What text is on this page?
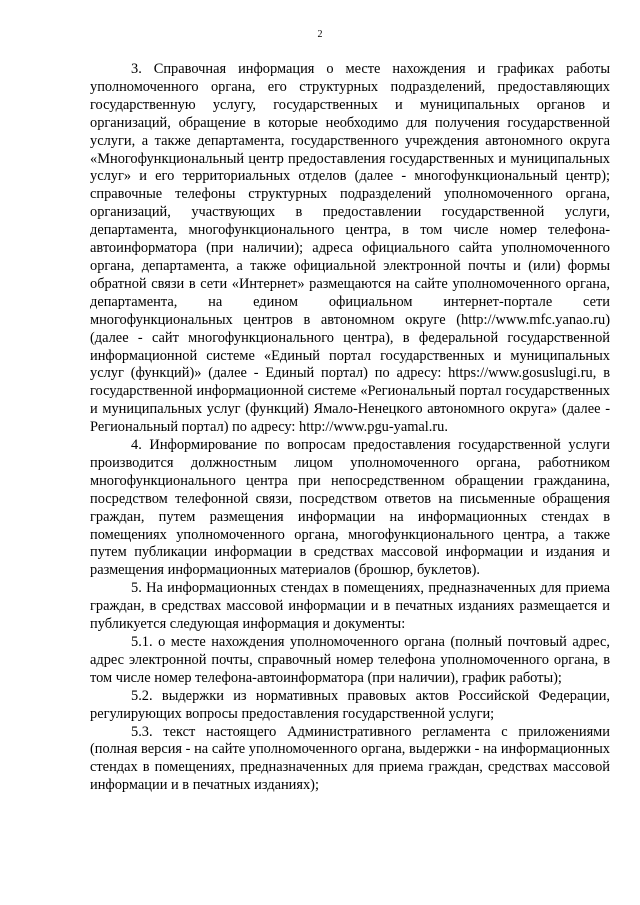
2

3. Справочная информация о месте нахождения и графиках работы уполномоченного органа, его структурных подразделений, предоставляющих государственную услугу, государственных и муниципальных органов и организаций, обращение в которые необходимо для получения государственной услуги, а также департамента, государственного учреждения автономного округа «Многофункциональный центр предоставления государственных и муниципальных услуг» и его территориальных отделов (далее - многофункциональный центр); справочные телефоны структурных подразделений уполномоченного органа, организаций, участвующих в предоставлении государственной услуги, департамента, многофункционального центра, в том числе номер телефона-автоинформатора (при наличии); адреса официального сайта уполномоченного органа, департамента, а также официальной электронной почты и (или) формы обратной связи в сети «Интернет» размещаются на сайте уполномоченного органа, департамента, на едином официальном интернет-портале сети многофункциональных центров в автономном округе (http://www.mfc.yanao.ru) (далее - сайт многофункционального центра), в федеральной государственной информационной системе «Единый портал государственных и муниципальных услуг (функций)» (далее - Единый портал) по адресу: https://www.gosuslugi.ru, в государственной информационной системе «Региональный портал государственных и муниципальных услуг (функций) Ямало-Ненецкого автономного округа» (далее - Региональный портал) по адресу: http://www.pgu-yamal.ru.

4. Информирование по вопросам предоставления государственной услуги производится должностным лицом уполномоченного органа, работником многофункционального центра при непосредственном обращении гражданина, посредством телефонной связи, посредством ответов на письменные обращения граждан, путем размещения информации на информационных стендах в помещениях уполномоченного органа, многофункционального центра, а также путем публикации информации в средствах массовой информации и издания и размещения информационных материалов (брошюр, буклетов).

5. На информационных стендах в помещениях, предназначенных для приема граждан, в средствах массовой информации и в печатных изданиях размещается и публикуется следующая информация и документы:

5.1. о месте нахождения уполномоченного органа (полный почтовый адрес, адрес электронной почты, справочный номер телефона уполномоченного органа, в том числе номер телефона-автоинформатора (при наличии), график работы);

5.2. выдержки из нормативных правовых актов Российской Федерации, регулирующих вопросы предоставления государственной услуги;

5.3. текст настоящего Административного регламента с приложениями (полная версия - на сайте уполномоченного органа, выдержки - на информационных стендах в помещениях, предназначенных для приема граждан, средствах массовой информации и в печатных изданиях);
